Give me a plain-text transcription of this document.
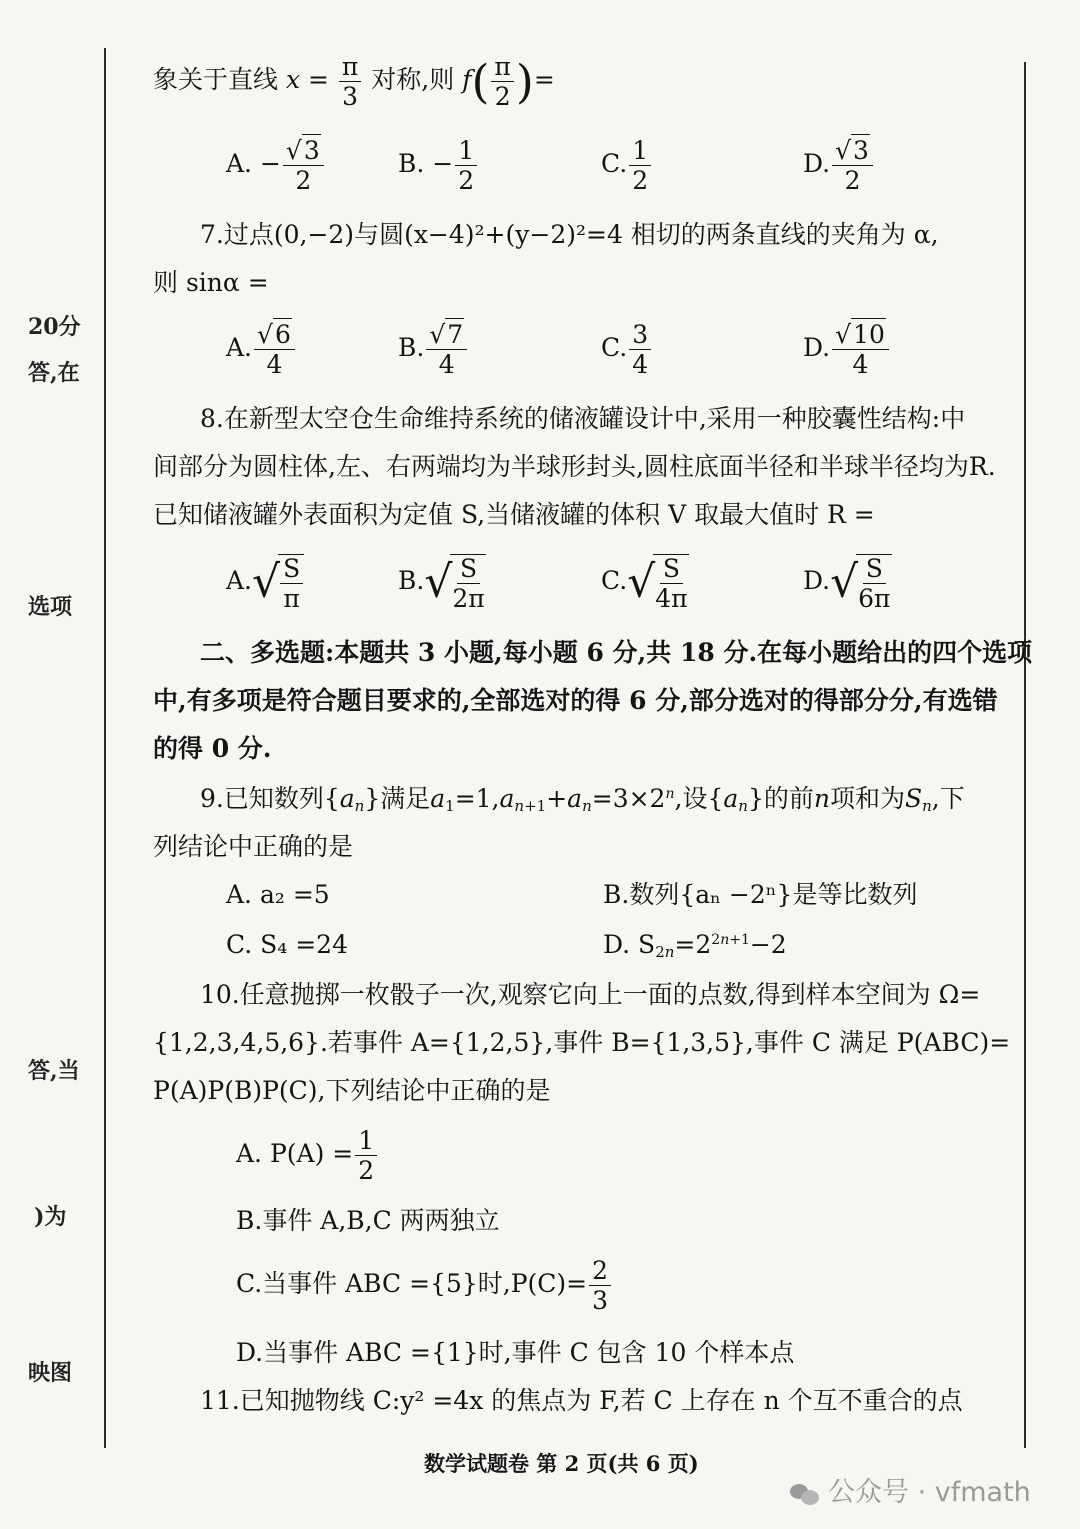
20分
答,在
选项
答,当
)为
映图
象关于直线 $x = \frac{\pi}{3}$ 对称,则 $f( \frac{\pi}{2}$ )=
A. − $\frac{√3}{2}$	B. − $\frac{1}{2}$	C. $\frac{1}{2}$	D. $\frac{√3}{2}$
7.过点(0,−2)与圆(x−4)²+(y−2)²=4 相切的两条直线的夹角为 α,
则 sinα =
A. $\frac{√6}{4}$	B. $\frac{√7}{4}$	C. $\frac{3}{4}$	D. $\frac{√10}{4}$
8.在新型太空仓生命维持系统的储液罐设计中,采用一种胶囊性结构:中
间部分为圆柱体,左、右两端均为半球形封头,圆柱底面半径和半球半径均为R.
已知储液罐外表面积为定值 S,当储液罐的体积 V 取最大值时 R =
A.√
$\frac{S}{\pi}$	B.√
$\frac{S}{2\pi}$	C.√
$\frac{S}{4\pi}$	D.√
$\frac{S}{6\pi}$
二、多选题:本题共 3 小题,每小题 6 分,共 18 分.在每小题给出的四个选项
中,有多项是符合题目要求的,全部选对的得 6 分,部分选对的得部分分,有选错
的得 0 分.
9.已知数列$\{a_n\}$满足$a_1=1,a_{n+1}+a_n=3\times 2^n$,设$\{a_n\}$的前n项和为$S_n$,下
列结论中正确的是
A. a₂ =5	B.数列{aₙ −2ⁿ}是等比数列
C. S₄ =24	D. $S_{2n}=2^{2n+1}-2$
10.任意抛掷一枚骰子一次,观察它向上一面的点数,得到样本空间为 Ω=
{1,2,3,4,5,6}.若事件 A={1,2,5},事件 B={1,3,5},事件 C 满足 P(ABC)=
P(A)P(B)P(C),下列结论中正确的是
A. $P(A) = \frac{1}{2}$
B.事件 A,B,C 两两独立
C.当事件 ABC ={5}时$,P(C)= \frac{2}{3}$
D.当事件 ABC ={1}时,事件 C 包含 10 个样本点
11.已知抛物线 C:y² =4x 的焦点为 F,若 C 上存在 n 个互不重合的点
数学试题卷 第 2 页(共 6 页)
公众号 · vfmath
